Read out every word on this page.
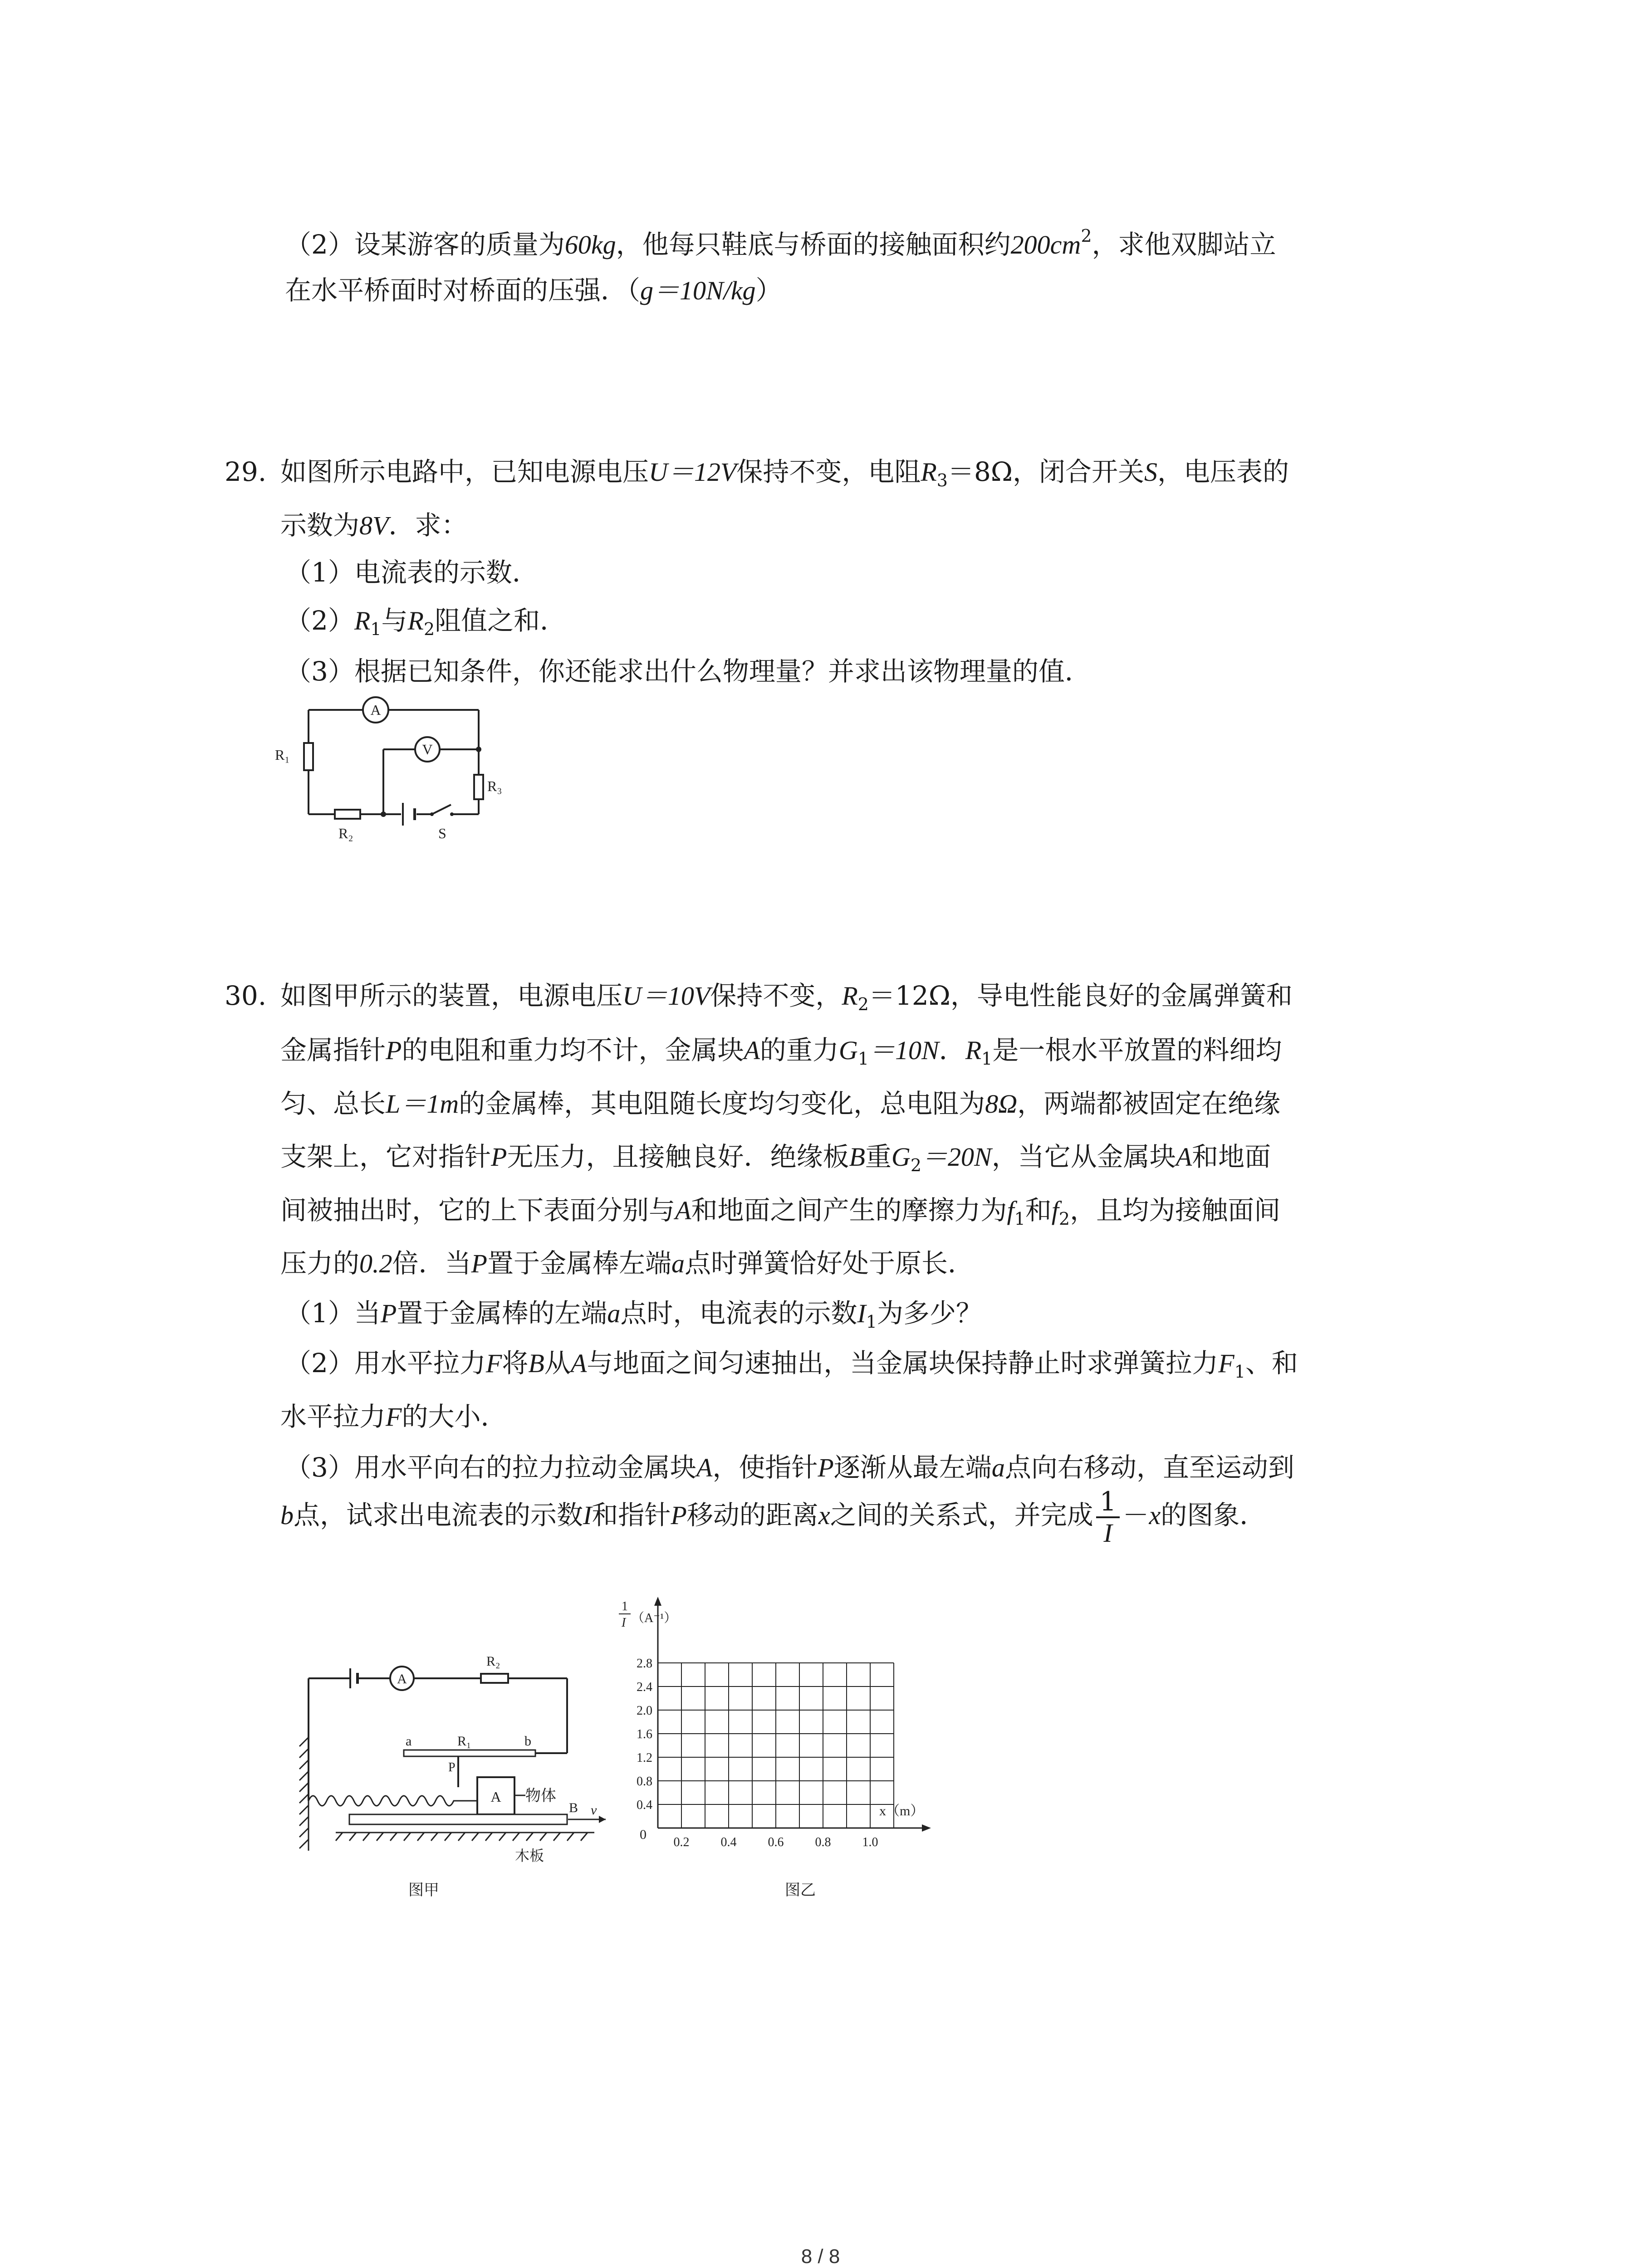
（2）设某游客的质量为60kg，他每只鞋底与桥面的接触面积约$200cm^2$，求他双脚站立
在水平桥面时对桥面的压强．（g＝10N/kg）
29. 如图所示电路中，已知电源电压U＝12V保持不变，电阻$R_3=8\Omega$，闭合开关S，电压表的
示数为8V．求：
（1）电流表的示数．
$(2)R_1$与$R_2$阻值之和．
（3）根据已知条件，你还能求出什么物理量？并求出该物理量的值．
R₁
R₂
R₃
A
V
S
30. 如图甲所示的装置，电源电压U＝10V保持不变，$R_2=12\Omega$，导电性能良好的金属弹簧和
金属指针P的电阻和重力均不计，金属块A的重力$G_1=10N$．$R_1$是一根水平放置的料细均
匀、总长L＝1m的金属棒，其电阻随长度均匀变化，总电阻为8Ω，两端都被固定在绝缘
支架上，它对指针P无压力，且接触良好．绝缘板B重$G_2=20N$，当它从金属块A和地面
间被抽出时，它的上下表面分别与A和地面之间产生的摩擦力为$f_1$和$f_2$，且均为接触面间
压力的0.2倍．当P置于金属棒左端a点时弹簧恰好处于原长．
（1）当P置于金属棒的左端a点时，电流表的示数$I_1$为多少？
（2）用水平拉力F将B从A与地面之间匀速抽出，当金属块保持静止时求弹簧拉力$F_1$、和
水平拉力F的大小．
（3）用水平向右的拉力拉动金属块A，使指针P逐渐从最左端a点向右移动，直至运动到
b点，试求出电流表的示数I和指针P移动的距离x之间的关系式，并完成 $\frac{1}{I} -x$的图象．
A
R₂
R₁
a	b
P
A 物体
B v
木板
图甲
0.4
0.8
1.2
1.6
2.0
2.4
2.8
0.2 0.4 0.6 0.8 1.0
1
I （A⁻¹）
x（m）
0
图乙
8 / 8
